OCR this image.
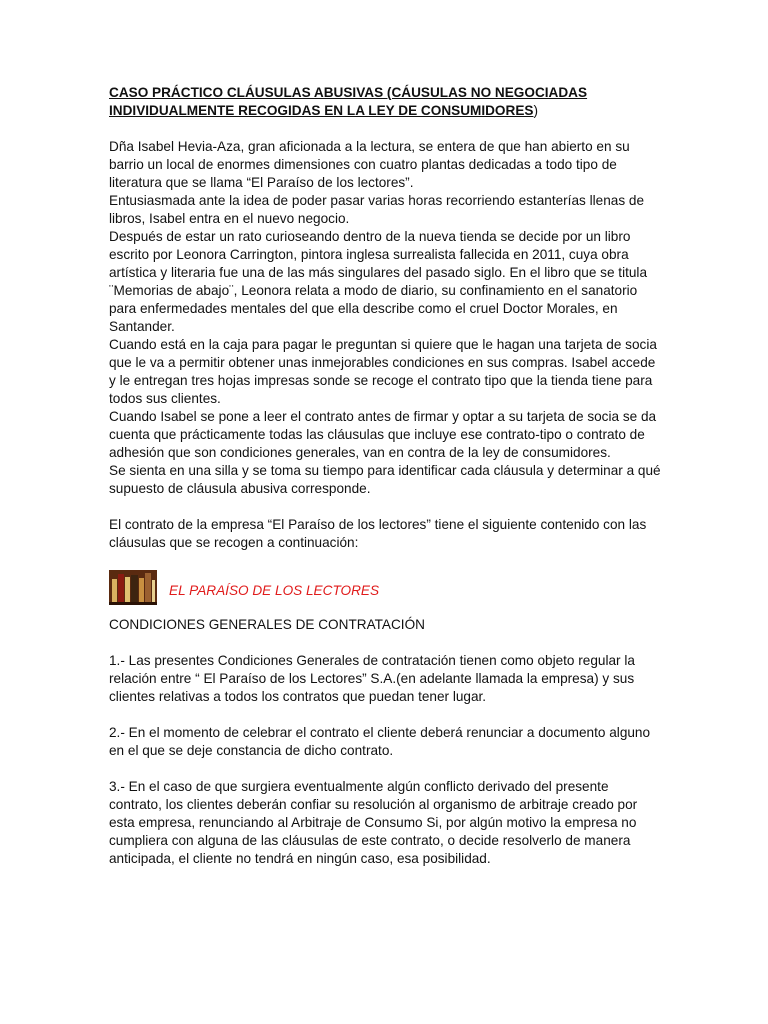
CASO PRÁCTICO CLÁUSULAS ABUSIVAS (CÁUSULAS NO NEGOCIADAS

INDIVIDUALMENTE RECOGIDAS EN LA LEY DE CONSUMIDORES)

Dña Isabel Hevia-Aza, gran aficionada a la lectura, se entera de que han abierto en su barrio un local de enormes dimensiones con cuatro plantas dedicadas a todo tipo de literatura que se llama “El Paraíso de los lectores”.

Entusiasmada ante la idea de poder pasar varias horas recorriendo estanterías llenas de libros, Isabel entra en el nuevo negocio.

Después de estar un rato curioseando dentro de la nueva tienda se decide por un libro escrito por Leonora Carrington, pintora inglesa surrealista fallecida en 2011, cuya obra artística y literaria fue una de las más singulares del pasado siglo. En el libro que se titula ¨Memorias de abajo¨, Leonora relata a modo de diario, su confinamiento en el sanatorio para enfermedades mentales del que ella describe como el cruel Doctor Morales, en Santander.

Cuando está en la caja para pagar le preguntan si quiere que le hagan una tarjeta de socia que le va a permitir obtener unas inmejorables condiciones en sus compras. Isabel accede y le entregan tres hojas impresas sonde se recoge el contrato tipo que la tienda tiene para todos sus clientes.

Cuando Isabel se pone a leer el contrato antes de firmar y optar a su tarjeta de socia se da cuenta que prácticamente todas las cláusulas que incluye ese contrato-tipo o contrato de adhesión que son condiciones generales, van en contra de la ley de consumidores.

Se sienta en una silla y se toma su tiempo para identificar cada cláusula y determinar a qué supuesto de cláusula abusiva corresponde.

El contrato de la empresa “El Paraíso de los lectores” tiene el siguiente contenido con las cláusulas que se recogen a continuación:

EL PARAÍSO DE LOS LECTORES

CONDICIONES GENERALES DE CONTRATACIÓN

1.- Las presentes Condiciones Generales de contratación tienen como objeto regular la relación entre “ El Paraíso de los Lectores” S.A.(en adelante llamada la empresa) y sus clientes relativas a todos los contratos que puedan tener lugar.

2.- En el momento de celebrar el contrato el cliente deberá renunciar a documento alguno en el que se deje constancia de dicho contrato.

3.- En el caso de que surgiera eventualmente algún conflicto derivado del presente contrato, los clientes deberán confiar su resolución al organismo de arbitraje creado por esta empresa, renunciando al Arbitraje de Consumo Si, por algún motivo la empresa no cumpliera con alguna de las cláusulas de este contrato, o decide resolverlo de manera anticipada, el cliente no tendrá en ningún caso, esa posibilidad.
